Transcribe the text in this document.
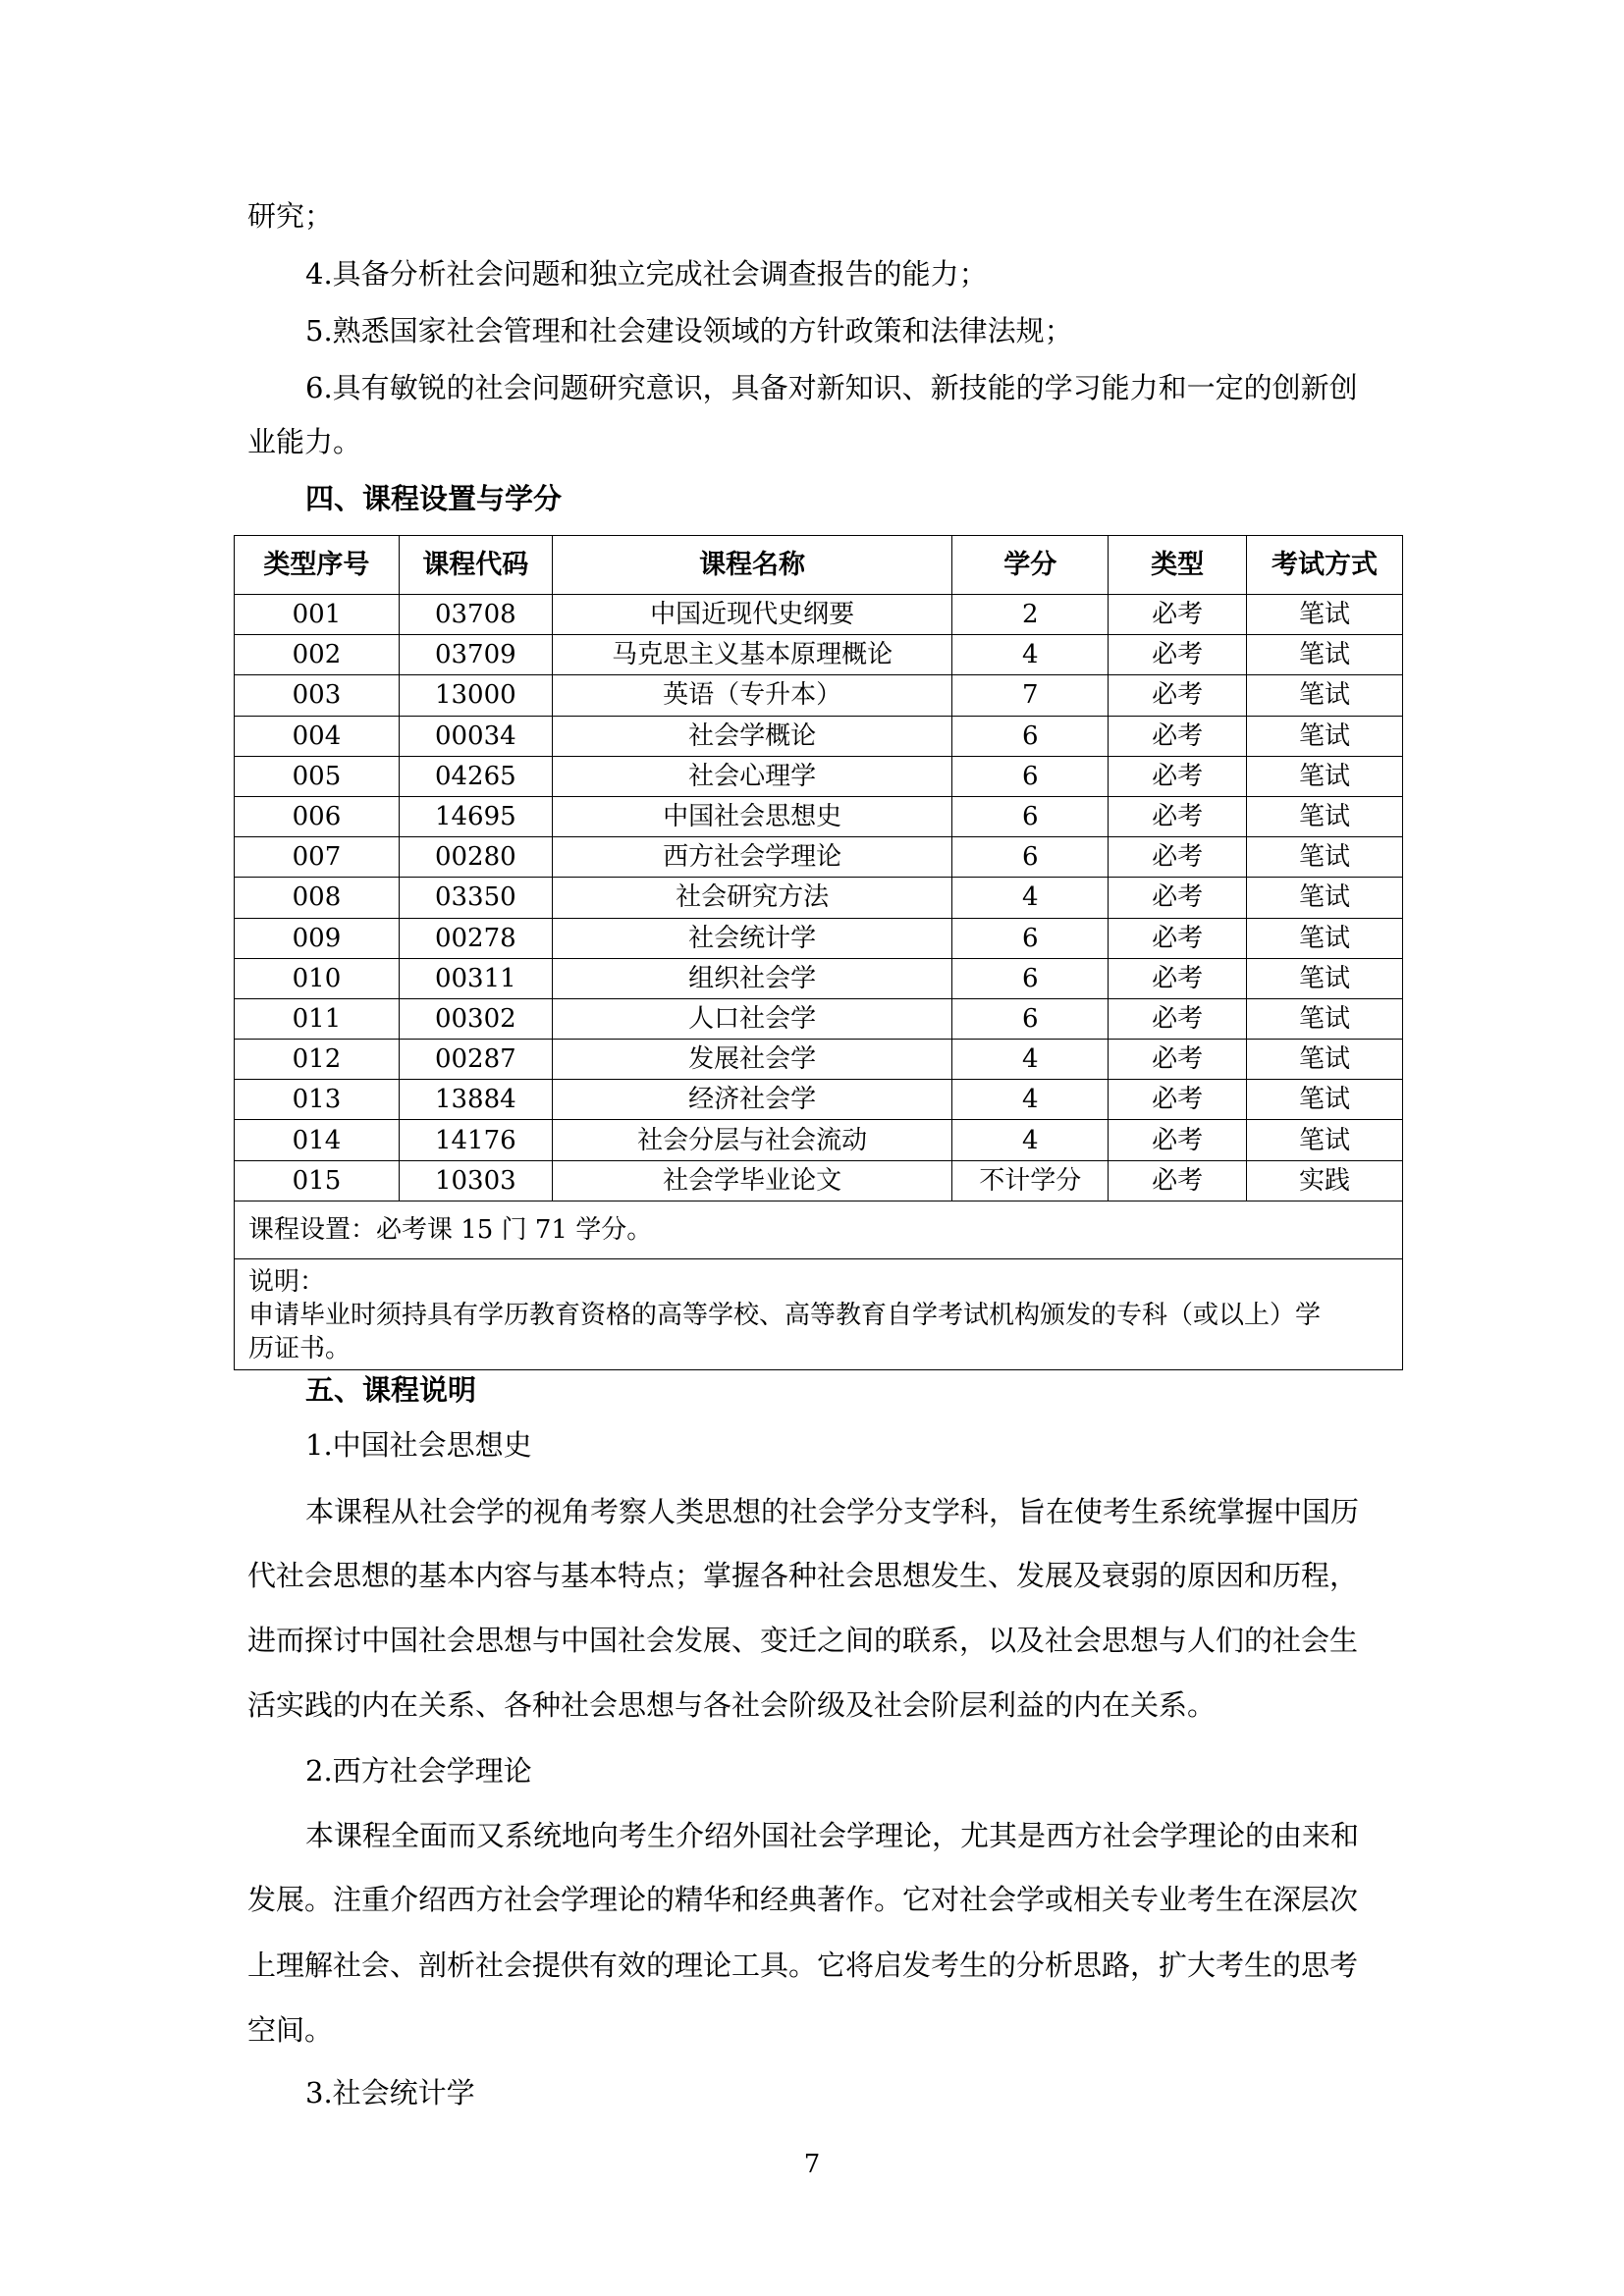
研究；
4.具备分析社会问题和独立完成社会调查报告的能力；
5.熟悉国家社会管理和社会建设领域的方针政策和法律法规；
6.具有敏锐的社会问题研究意识，具备对新知识、新技能的学习能力和一定的创新创
业能力。
四、课程设置与学分
类型序号	课程代码	课程名称	学分	类型	考试方式
001	03708	中国近现代史纲要	2	必考	笔试
002	03709	马克思主义基本原理概论	4	必考	笔试
003	13000	英语（专升本）	7	必考	笔试
004	00034	社会学概论	6	必考	笔试
005	04265	社会心理学	6	必考	笔试
006	14695	中国社会思想史	6	必考	笔试
007	00280	西方社会学理论	6	必考	笔试
008	03350	社会研究方法	4	必考	笔试
009	00278	社会统计学	6	必考	笔试
010	00311	组织社会学	6	必考	笔试
011	00302	人口社会学	6	必考	笔试
012	00287	发展社会学	4	必考	笔试
013	13884	经济社会学	4	必考	笔试
014	14176	社会分层与社会流动	4	必考	笔试
015	10303	社会学毕业论文	不计学分	必考	实践
课程设置：必考课 15 门 71 学分。					

说明：
申请毕业时须持具有学历教育资格的高等学校、高等教育自学考试机构颁发的专科（或以上）学
历证书。					
五、课程说明
1.中国社会思想史
本课程从社会学的视角考察人类思想的社会学分支学科，旨在使考生系统掌握中国历
代社会思想的基本内容与基本特点；掌握各种社会思想发生、发展及衰弱的原因和历程，
进而探讨中国社会思想与中国社会发展、变迁之间的联系，以及社会思想与人们的社会生
活实践的内在关系、各种社会思想与各社会阶级及社会阶层利益的内在关系。
2.西方社会学理论
本课程全面而又系统地向考生介绍外国社会学理论，尤其是西方社会学理论的由来和
发展。注重介绍西方社会学理论的精华和经典著作。它对社会学或相关专业考生在深层次
上理解社会、剖析社会提供有效的理论工具。它将启发考生的分析思路，扩大考生的思考
空间。
3.社会统计学
7
